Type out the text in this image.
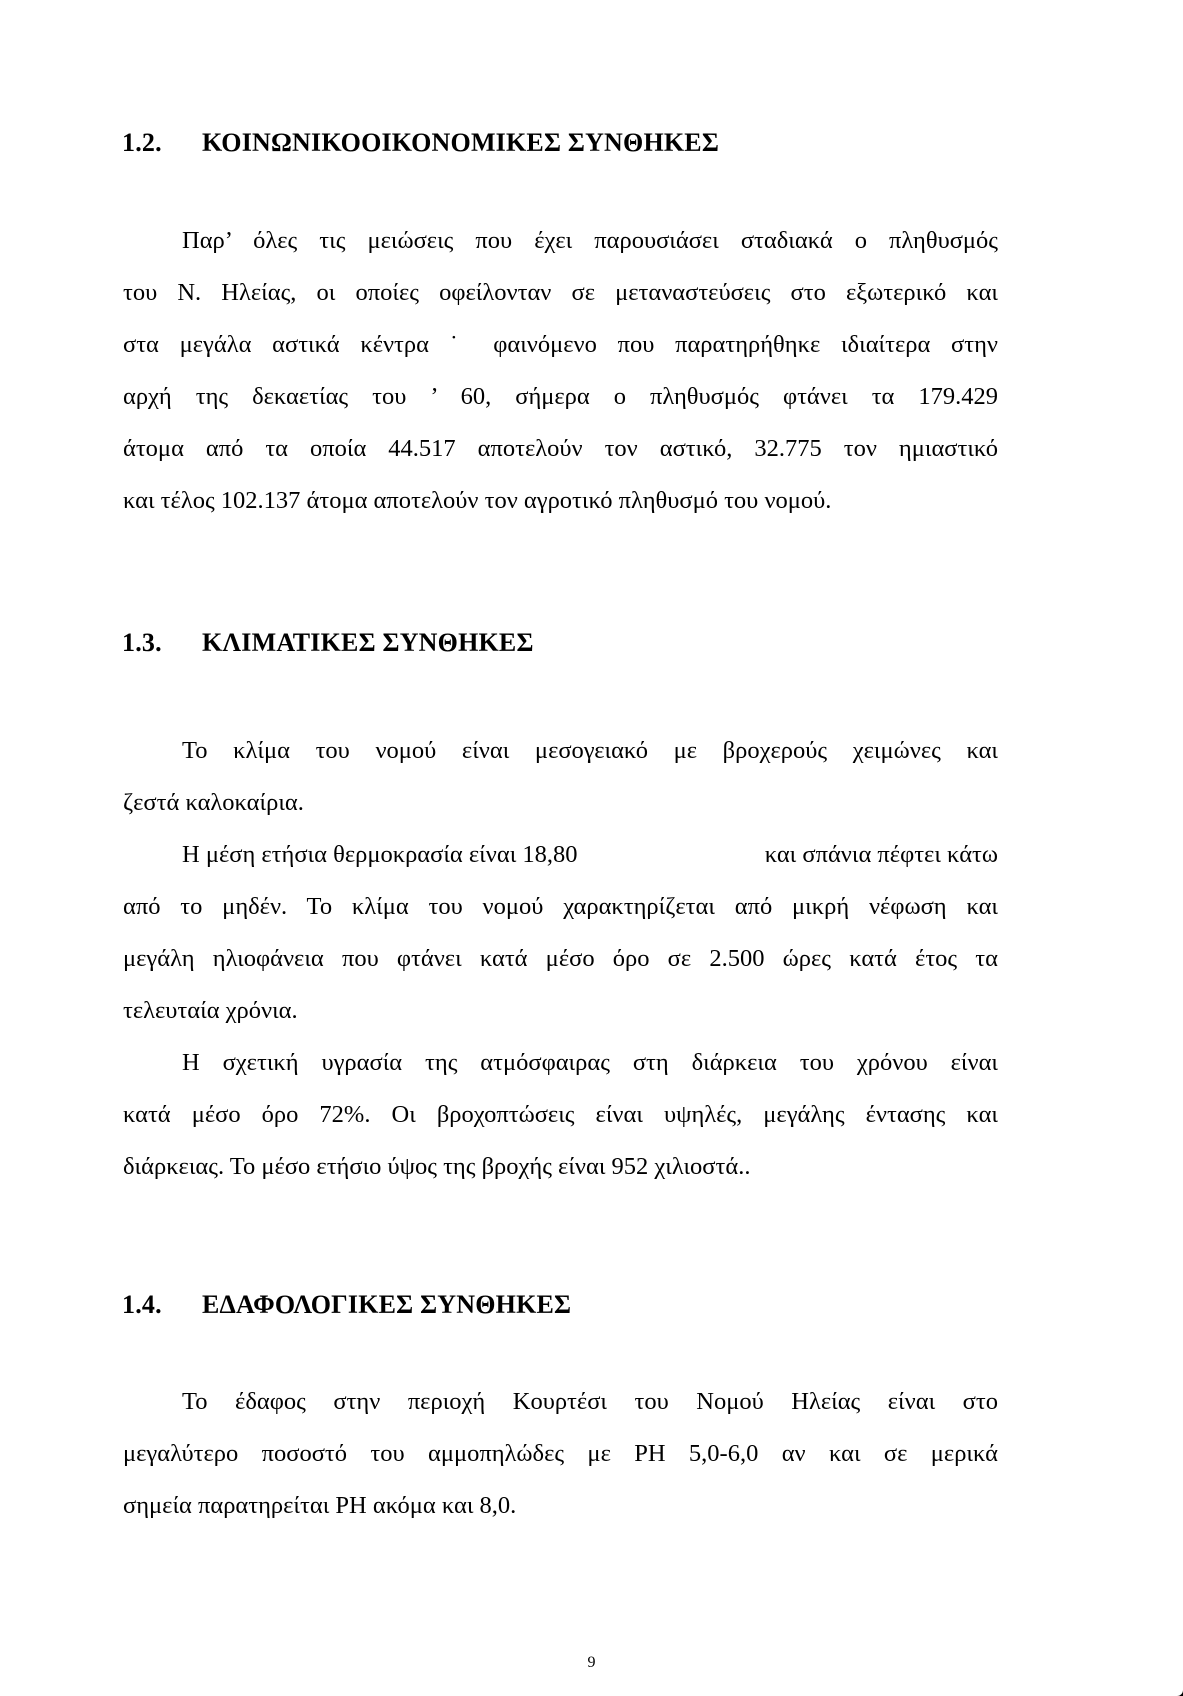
1.2. ΚΟΙΝΩΝΙΚΟΟΙΚΟΝΟΜΙΚΕΣ ΣΥΝΘΗΚΕΣ
Παρ’ όλες τις μειώσεις που έχει παρουσιάσει σταδιακά ο πληθυσμός
του Ν. Ηλείας, οι οποίες οφείλονταν σε μεταναστεύσεις στο εξωτερικό και
στα μεγάλα αστικά κέντρα ˙ φαινόμενο που παρατηρήθηκε ιδιαίτερα στην
αρχή της δεκαετίας του ’ 60, σήμερα ο πληθυσμός φτάνει τα 179.429
άτομα από τα οποία 44.517 αποτελούν τον αστικό, 32.775 τον ημιαστικό
και τέλος 102.137 άτομα αποτελούν τον αγροτικό πληθυσμό του νομού.
1.3. ΚΛΙΜΑΤΙΚΕΣ ΣΥΝΘΗΚΕΣ
Το κλίμα του νομού είναι μεσογειακό με βροχερούς χειμώνες και
ζεστά καλοκαίρια.
Η μέση ετήσια θερμοκρασία είναι 18,80	και σπάνια πέφτει κάτω
από το μηδέν. Το κλίμα του νομού χαρακτηρίζεται από μικρή νέφωση και
μεγάλη ηλιοφάνεια που φτάνει κατά μέσο όρο σε 2.500 ώρες κατά έτος τα
τελευταία χρόνια.
Η σχετική υγρασία της ατμόσφαιρας στη διάρκεια του χρόνου είναι
κατά μέσο όρο 72%. Οι βροχοπτώσεις είναι υψηλές, μεγάλης έντασης και
διάρκειας. Το μέσο ετήσιο ύψος της βροχής είναι 952 χιλιοστά..
1.4. ΕΔΑΦΟΛΟΓΙΚΕΣ ΣΥΝΘΗΚΕΣ
Το έδαφος στην περιοχή Κουρτέσι του Νομού Ηλείας είναι στο
μεγαλύτερο ποσοστό του αμμοπηλώδες με PH 5,0-6,0 αν και σε μερικά
σημεία παρατηρείται PH ακόμα και 8,0.
9
